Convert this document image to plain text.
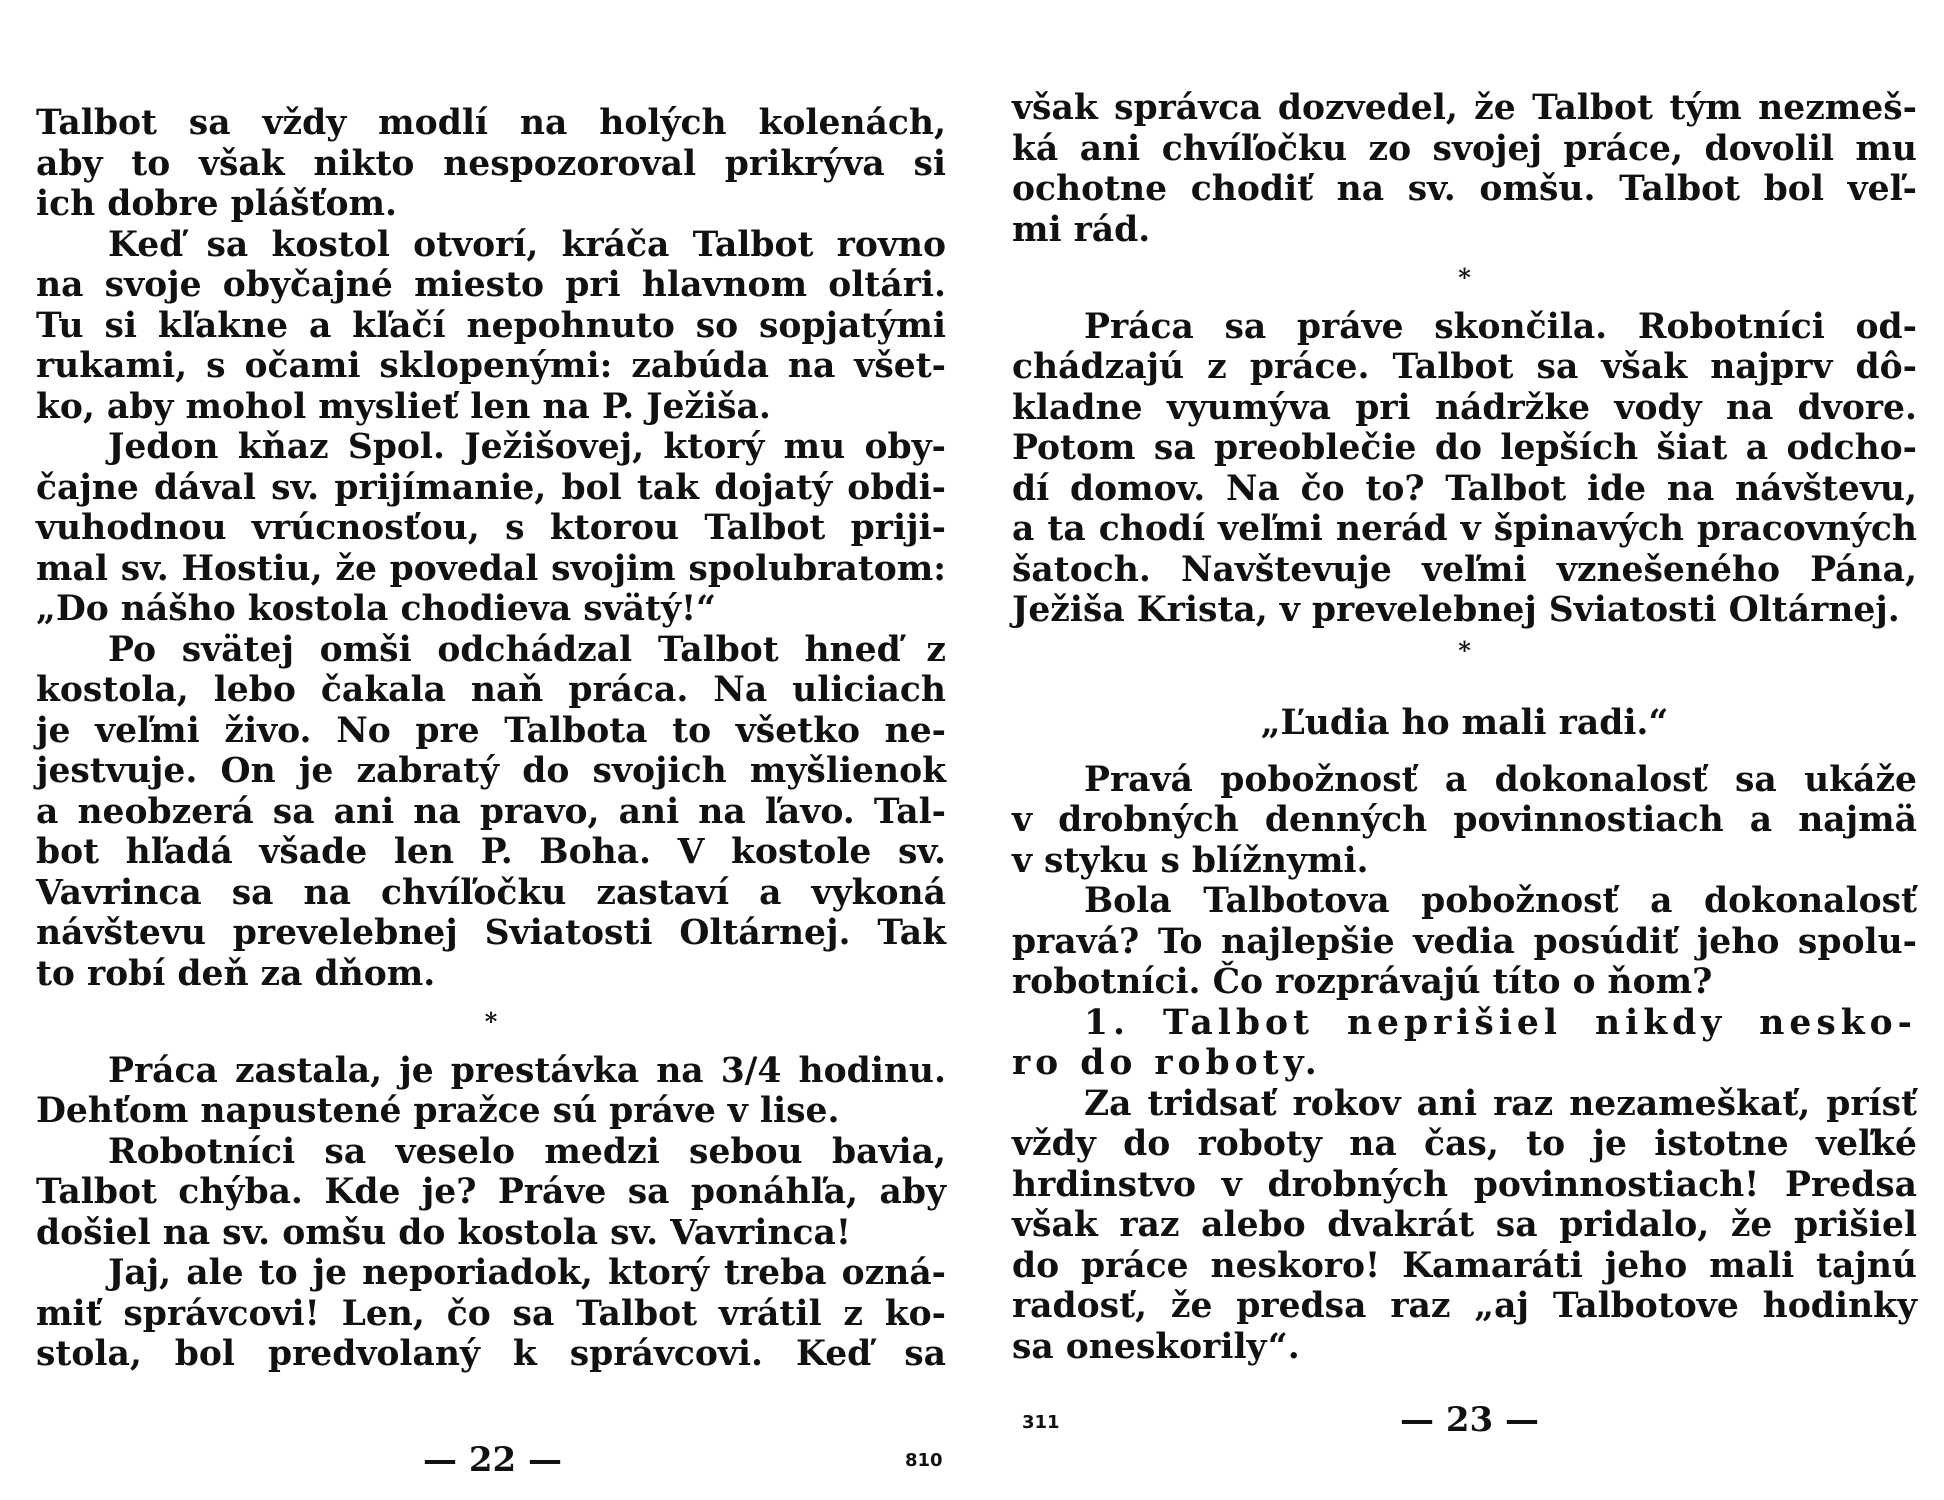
Talbot sa vždy modlí na holých kolenách,
aby to však nikto nespozoroval prikrýva si
ich dobre plášťom.
Keď sa kostol otvorí, kráča Talbot rovno
na svoje obyčajné miesto pri hlavnom oltári.
Tu si kľakne a kľačí nepohnuto so sopjatými
rukami, s očami sklopenými: zabúda na všet-
ko, aby mohol myslieť len na P. Ježiša.
Jedon kňaz Spol. Ježišovej, ktorý mu oby-
čajne dával sv. prijímanie, bol tak dojatý obdi-
vuhodnou vrúcnosťou, s ktorou Talbot priji-
mal sv. Hostiu, že povedal svojim spolubratom:
„Do nášho kostola chodieva svätý!“
Po svätej omši odchádzal Talbot hneď z
kostola, lebo čakala naň práca. Na uliciach
je veľmi živo. No pre Talbota to všetko ne-
jestvuje. On je zabratý do svojich myšlienok
a neobzerá sa ani na pravo, ani na ľavo. Tal-
bot hľadá všade len P. Boha. V kostole sv.
Vavrinca sa na chvíľočku zastaví a vykoná
návštevu prevelebnej Sviatosti Oltárnej. Tak
to robí deň za dňom.
*
Práca zastala, je prestávka na 3/4 hodinu.
Dehťom napustené pražce sú práve v lise.
Robotníci sa veselo medzi sebou bavia,
Talbot chýba. Kde je? Práve sa ponáhľa, aby
došiel na sv. omšu do kostola sv. Vavrinca!
Jaj, ale to je neporiadok, ktorý treba ozná-
miť správcovi! Len, čo sa Talbot vrátil z ko-
stola, bol predvolaný k správcovi. Keď sa
— 22 —	810
však správca dozvedel, že Talbot tým nezmeš-
ká ani chvíľočku zo svojej práce, dovolil mu
ochotne chodiť na sv. omšu. Talbot bol veľ-
mi rád.
*
Práca sa práve skončila. Robotníci od-
chádzajú z práce. Talbot sa však najprv dô-
kladne vyumýva pri nádržke vody na dvore.
Potom sa preoblečie do lepších šiat a odcho-
dí domov. Na čo to? Talbot ide na návštevu,
a ta chodí veľmi nerád v špinavých pracovných
šatoch. Navštevuje veľmi vznešeného Pána,
Ježiša Krista, v prevelebnej Sviatosti Oltárnej.
*
„Ľudia ho mali radi.“
Pravá pobožnosť a dokonalosť sa ukáže
v drobných denných povinnostiach a najmä
v styku s blížnymi.
Bola Talbotova pobožnosť a dokonalosť
pravá? To najlepšie vedia posúdiť jeho spolu-
robotníci. Čo rozprávajú títo o ňom?
1. Talbot neprišiel nikdy nesko-
ro do roboty.
Za tridsať rokov ani raz nezameškať, prísť
vždy do roboty na čas, to je istotne veľké
hrdinstvo v drobných povinnostiach! Predsa
však raz alebo dvakrát sa pridalo, že prišiel
do práce neskoro! Kamaráti jeho mali tajnú
radosť, že predsa raz „aj Talbotove hodinky
sa oneskorily“.
— 23 —
311
